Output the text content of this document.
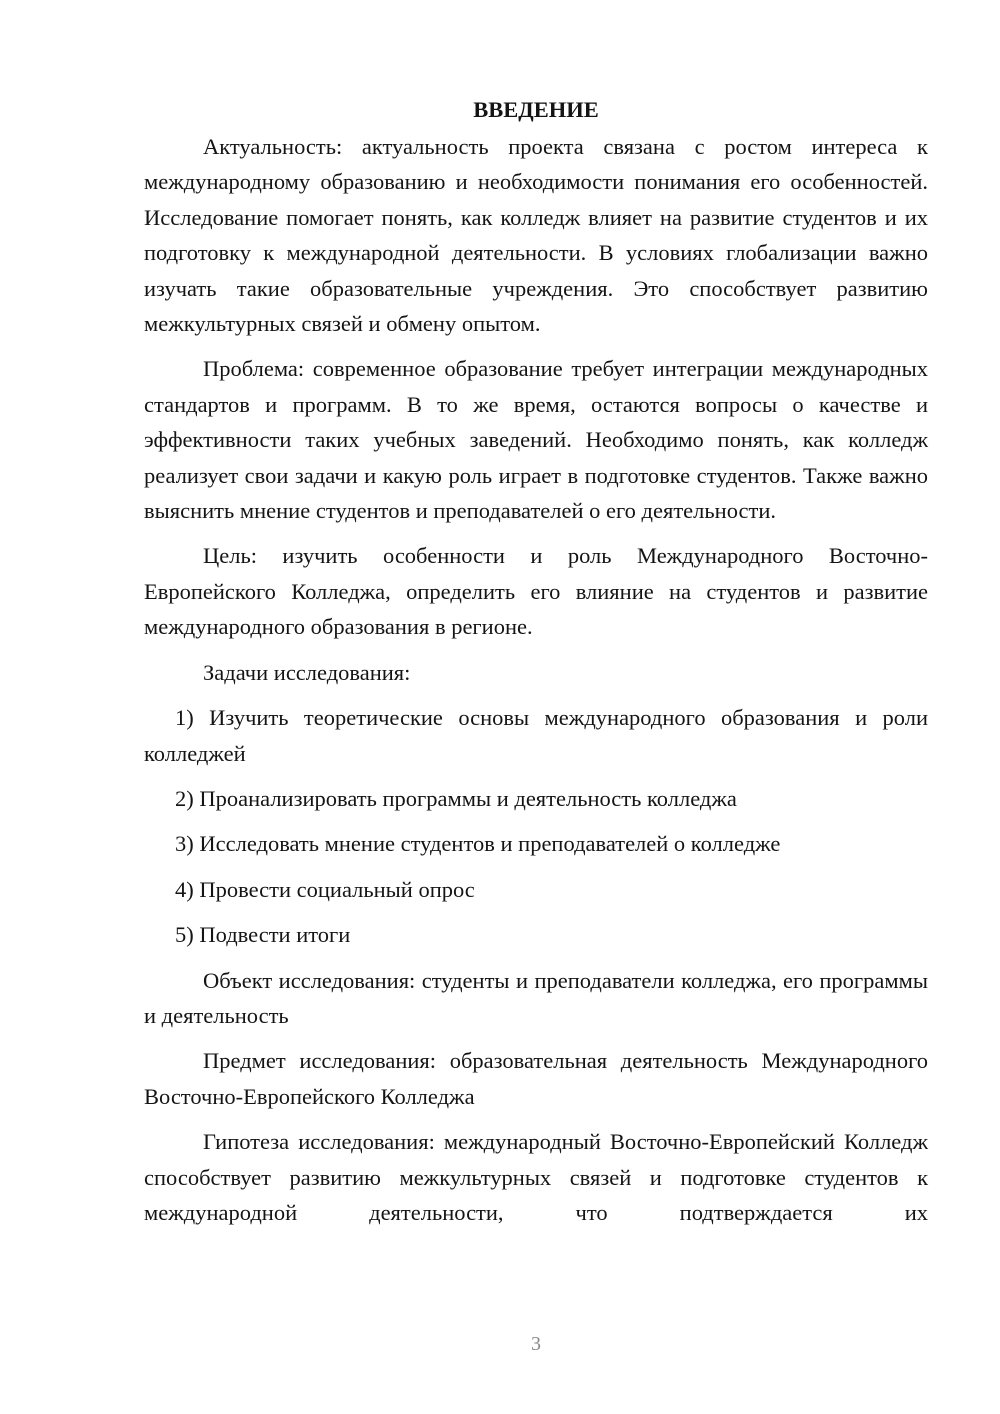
ВВЕДЕНИЕ

Актуальность: актуальность проекта связана с ростом интереса к международному образованию и необходимости понимания его особенностей. Исследование помогает понять, как колледж влияет на развитие студентов и их подготовку к международной деятельности. В условиях глобализации важно изучать такие образовательные учреждения. Это способствует развитию межкультурных связей и обмену опытом.

Проблема: современное образование требует интеграции международных стандартов и программ. В то же время, остаются вопросы о качестве и эффективности таких учебных заведений. Необходимо понять, как колледж реализует свои задачи и какую роль играет в подготовке студентов. Также важно выяснить мнение студентов и преподавателей о его деятельности.

Цель: изучить особенности и роль Международного Восточно-Европейского Колледжа, определить его влияние на студентов и развитие международного образования в регионе.

Задачи исследования:

1) Изучить теоретические основы международного образования и роли колледжей

2) Проанализировать программы и деятельность колледжа

3) Исследовать мнение студентов и преподавателей о колледже

4) Провести социальный опрос

5) Подвести итоги

Объект исследования: студенты и преподаватели колледжа, его программы и деятельность

Предмет исследования: образовательная деятельность Международного Восточно-Европейского Колледжа

Гипотеза исследования: международный Восточно-Европейский Колледж способствует развитию межкультурных связей и подготовке студентов к международной деятельности, что подтверждается их

3
